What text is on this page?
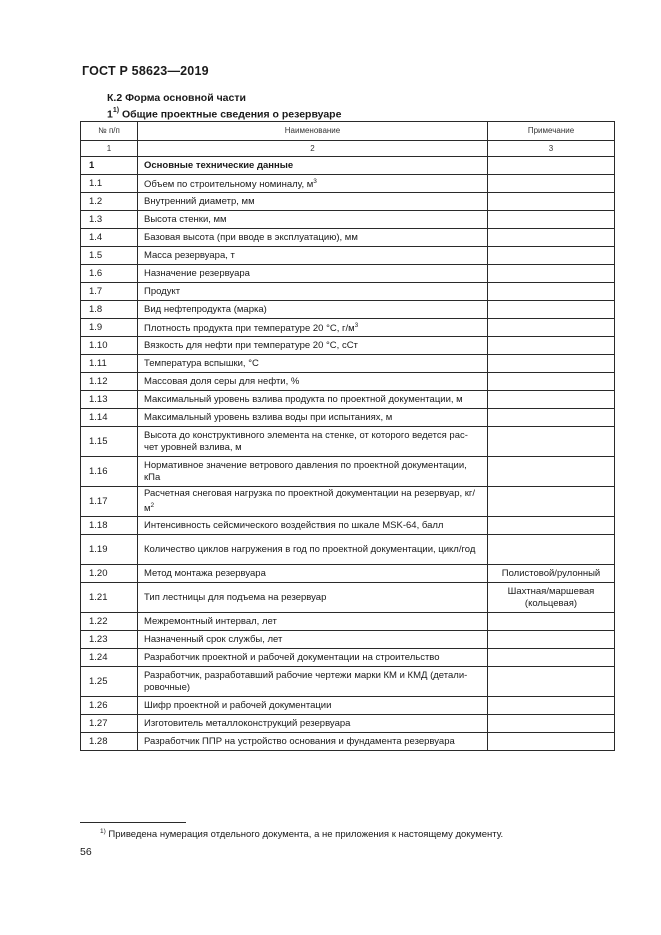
ГОСТ Р 58623—2019
К.2 Форма основной части
1$^{1)}$ Общие проектные сведения о резервуаре
№ п/п	Наименование	Примечание
1	2	3
1	Основные технические данные	
1.1	Объем по строительному номиналу, $м^3$	
1.2	Внутренний диаметр, мм	
1.3	Высота стенки, мм	
1.4	Базовая высота (при вводе в эксплуатацию), мм	
1.5	Масса резервуара, т	
1.6	Назначение резервуара	
1.7	Продукт	
1.8	Вид нефтепродукта (марка)	
1.9	Плотность продукта при температуре 20 °С, $г/м^3$	
1.10	Вязкость для нефти при температуре 20 °С, сСт	
1.11	Температура вспышки, °С	
1.12	Массовая доля серы для нефти, %	
1.13	Максимальный уровень взлива продукта по проектной документации, м	
1.14	Максимальный уровень взлива воды при испытаниях, м	
1.15	Высота до конструктивного элемента на стенке, от которого ведется рас-чет уровней взлива, м	
1.16	Нормативное значение ветрового давления по проектной документации, кПа	
1.17	Расчетная снеговая нагрузка по проектной документации на резервуар, $кг/м^2$	
1.18	Интенсивность сейсмического воздействия по шкале MSK-64, балл	
1.19	Количество циклов нагружения в год по проектной документации, цикл/год	
1.20	Метод монтажа резервуара	Полистовой/рулонный
1.21	Тип лестницы для подъема на резервуар	Шахтная/маршевая (кольцевая)
1.22	Межремонтный интервал, лет	
1.23	Назначенный срок службы, лет	
1.24	Разработчик проектной и рабочей документации на строительство	
1.25	Разработчик, разработавший рабочие чертежи марки КМ и КМД (детали-ровочные)	
1.26	Шифр проектной и рабочей документации	
1.27	Изготовитель металлоконструкций резервуара	
1.28	Разработчик ППР на устройство основания и фундамента резервуара	
$^{1)}$ Приведена нумерация отдельного документа, а не приложения к настоящему документу.
56
